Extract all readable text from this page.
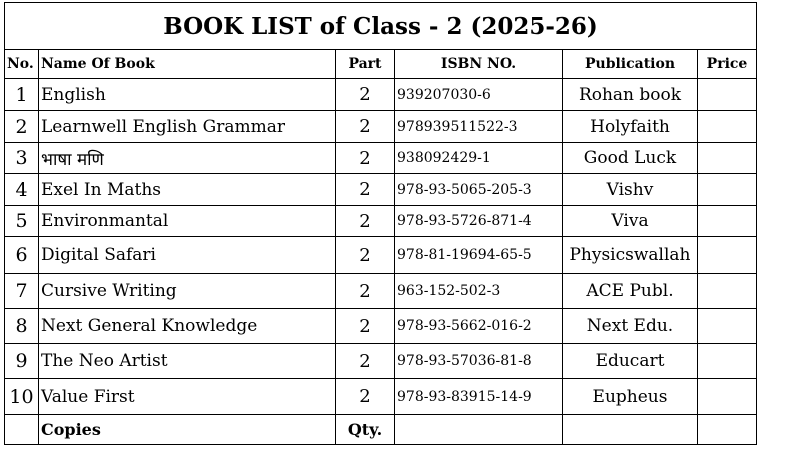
BOOK LIST of Class - 2 (2025-26)					
No.	Name Of Book	Part	ISBN NO.	Publication	Price
1	English	2	939207030-6	Rohan book	
2	Learnwell English Grammar	2	978939511522-3	Holyfaith	
3	भाषा मणि	2	938092429-1	Good Luck	
4	Exel In Maths	2	978-93-5065-205-3	Vishv	
5	Environmantal	2	978-93-5726-871-4	Viva	
6	Digital Safari	2	978-81-19694-65-5	Physicswallah	
7	Cursive Writing	2	963-152-502-3	ACE Publ.	
8	Next General Knowledge	2	978-93-5662-016-2	Next Edu.	
9	The Neo Artist	2	978-93-57036-81-8	Educart	
10	Value First	2	978-93-83915-14-9	Eupheus	
	Copies	Qty.			
